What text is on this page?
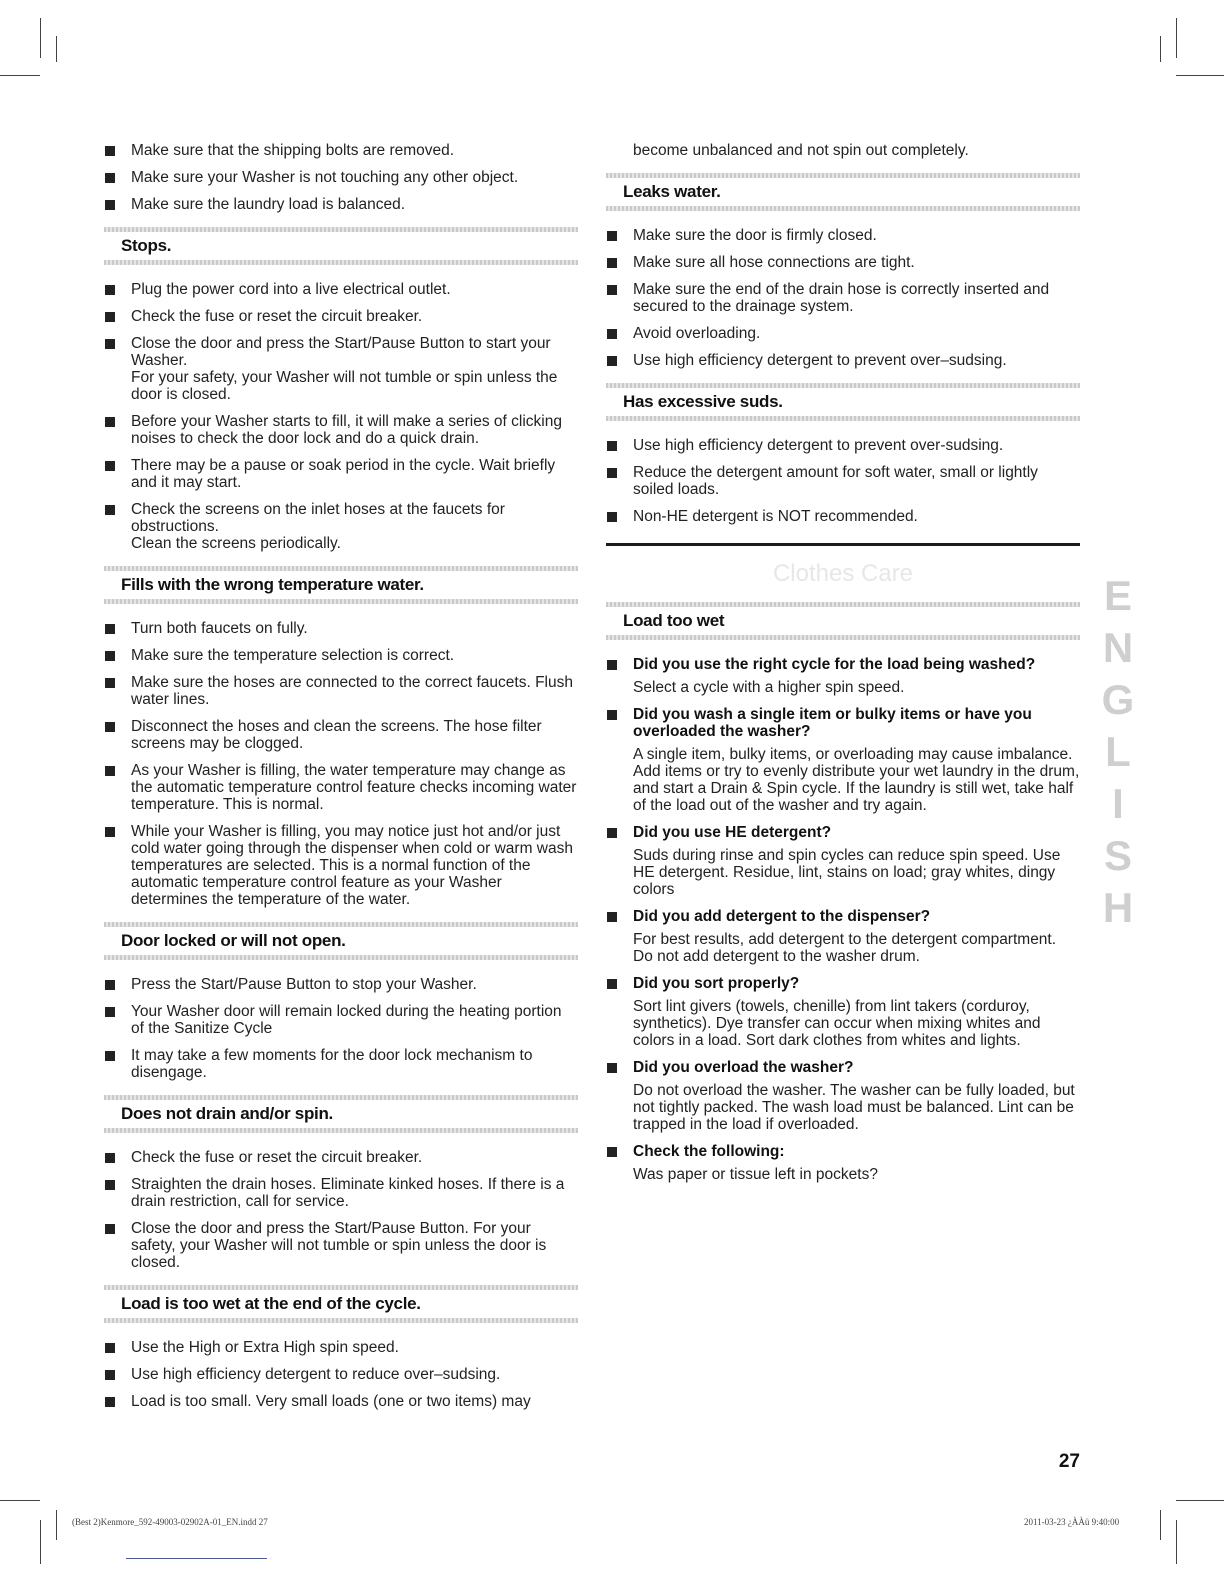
Make sure that the shipping bolts are removed.
Make sure your Washer is not touching any other object.
Make sure the laundry load is balanced.
Stops.
Plug the power cord into a live electrical outlet.
Check the fuse or reset the circuit breaker.
Close the door and press the Start/Pause Button to start your Washer.
For your safety, your Washer will not tumble or spin unless the door is closed.
Before your Washer starts to fill, it will make a series of clicking noises to check the door lock and do a quick drain.
There may be a pause or soak period in the cycle. Wait briefly and it may start.
Check the screens on the inlet hoses at the faucets for obstructions.
Clean the screens periodically.
Fills with the wrong temperature water.
Turn both faucets on fully.
Make sure the temperature selection is correct.
Make sure the hoses are connected to the correct faucets. Flush water lines.
Disconnect the hoses and clean the screens. The hose filter screens may be clogged.
As your Washer is filling, the water temperature may change as the automatic temperature control feature checks incoming water temperature. This is normal.
While your Washer is filling, you may notice just hot and/or just cold water going through the dispenser when cold or warm wash temperatures are selected. This is a normal function of the automatic temperature control feature as your Washer determines the temperature of the water.
Door locked or will not open.
Press the Start/Pause Button to stop your Washer.
Your Washer door will remain locked during the heating portion of the Sanitize Cycle
It may take a few moments for the door lock mechanism to disengage.
Does not drain and/or spin.
Check the fuse or reset the circuit breaker.
Straighten the drain hoses. Eliminate kinked hoses. If there is a drain restriction, call for service.
Close the door and press the Start/Pause Button. For your safety, your Washer will not tumble or spin unless the door is closed.
Load is too wet at the end of the cycle.
Use the High or Extra High spin speed.
Use high efficiency detergent to reduce over–sudsing.
Load is too small. Very small loads (one or two items) may

become unbalanced and not spin out completely.

Leaks water.
Make sure the door is firmly closed.
Make sure all hose connections are tight.
Make sure the end of the drain hose is correctly inserted and secured to the drainage system.
Avoid overloading.
Use high efficiency detergent to prevent over–sudsing.
Has excessive suds.
Use high efficiency detergent to prevent over-sudsing.
Reduce the detergent amount for soft water, small or lightly soiled loads.
Non-HE detergent is NOT recommended.
Clothes Care
Load too wet
Did you use the right cycle for the load being washed?
Select a cycle with a higher spin speed.
Did you wash a single item or bulky items or have you overloaded the washer?
A single item, bulky items, or overloading may cause imbalance. Add items or try to evenly distribute your wet laundry in the drum, and start a Drain & Spin cycle. If the laundry is still wet, take half of the load out of the washer and try again.
Did you use HE detergent?
Suds during rinse and spin cycles can reduce spin speed. Use HE detergent. Residue, lint, stains on load; gray whites, dingy colors
Did you add detergent to the dispenser?
For best results, add detergent to the detergent compartment. Do not add detergent to the washer drum.
Did you sort properly?
Sort lint givers (towels, chenille) from lint takers (corduroy, synthetics). Dye transfer can occur when mixing whites and colors in a load. Sort dark clothes from whites and lights.
Did you overload the washer?
Do not overload the washer. The washer can be fully loaded, but not tightly packed. The wash load must be balanced. Lint can be trapped in the load if overloaded.
Check the following:
Was paper or tissue left in pockets?
E
N
G
L
I
S
H
27
(Best 2)Kenmore_592-49003-02902A-01_EN.indd 27	2011-03-23 ¿ÀÀü 9:40:00
